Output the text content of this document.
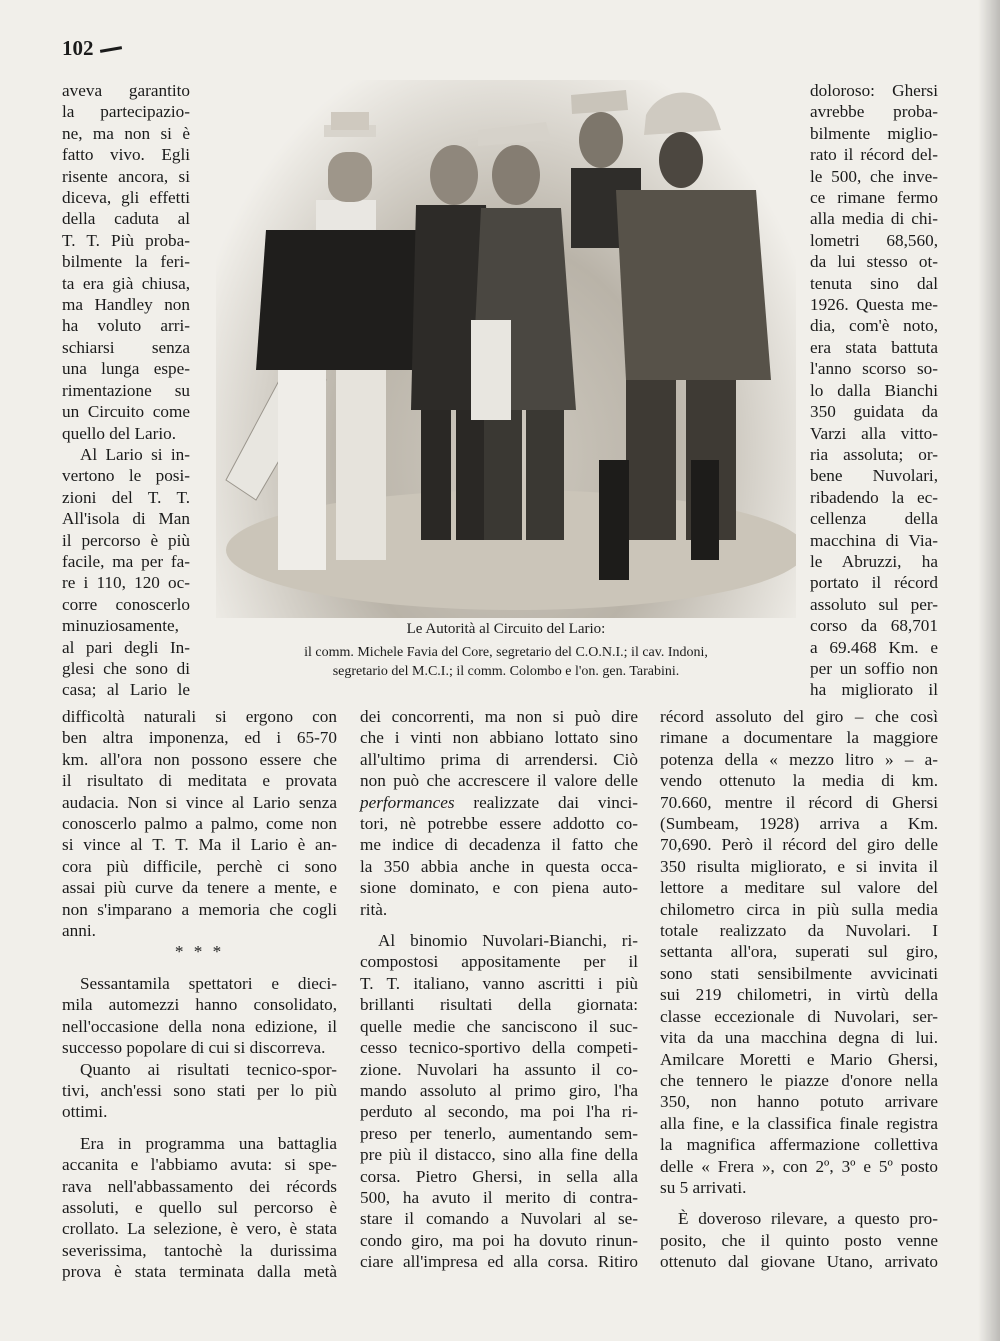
102

aveva garantito

la partecipazio-

ne, ma non si è

fatto vivo. Egli

risente ancora, si

diceva, gli effetti

della caduta al

T. T. Più proba-

bilmente la feri-

ta era già chiusa,

ma Handley non

ha voluto arri-

schiarsi senza

una lunga espe-

rimentazione su

un Circuito come

quello del Lario.

Al Lario si in-

vertono le posi-

zioni del T. T.

All'isola di Man

il percorso è più

facile, ma per fa-

re i 110, 120 oc-

corre conoscerlo

minuziosamente,

al pari degli In-

glesi che sono di

casa; al Lario le

doloroso: Ghersi

avrebbe proba-

bilmente miglio-

rato il récord del-

le 500, che inve-

ce rimane fermo

alla media di chi-

lometri 68,560,

da lui stesso ot-

tenuta sino dal

1926. Questa me-

dia, com'è noto,

era stata battuta

l'anno scorso so-

lo dalla Bianchi

350 guidata da

Varzi alla vitto-

ria assoluta; or-

bene Nuvolari,

ribadendo la ec-

cellenza della

macchina di Via-

le Abruzzi, ha

portato il récord

assoluto sul per-

corso da 68,701

a 69.468 Km. e

per un soffio non

ha migliorato il

Le Autorità al Circuito del Lario:
il comm. Michele Favia del Core, segretario del C.O.N.I.; il cav. Indoni,
segretario del M.C.I.; il comm. Colombo e l'on. gen. Tarabini.

difficoltà naturali si ergono con

ben altra imponenza, ed i 65-70

km. all'ora non possono essere che

il risultato di meditata e provata

audacia. Non si vince al Lario senza

conoscerlo palmo a palmo, come non

si vince al T. T. Ma il Lario è an-

cora più difficile, perchè ci sono

assai più curve da tenere a mente, e

non s'imparano a memoria che cogli

anni.

* * *

Sessantamila spettatori e dieci-

mila automezzi hanno consolidato,

nell'occasione della nona edizione, il

successo popolare di cui si discorreva.

Quanto ai risultati tecnico-spor-

tivi, anch'essi sono stati per lo più

ottimi.

Era in programma una battaglia

accanita e l'abbiamo avuta: si spe-

rava nell'abbassamento dei récords

assoluti, e quello sul percorso è

crollato. La selezione, è vero, è stata

severissima, tantochè la durissima

prova è stata terminata dalla metà

dei concorrenti, ma non si può dire

che i vinti non abbiano lottato sino

all'ultimo prima di arrendersi. Ciò

non può che accrescere il valore delle

performances realizzate dai vinci-

tori, nè potrebbe essere addotto co-

me indice di decadenza il fatto che

la 350 abbia anche in questa occa-

sione dominato, e con piena auto-

rità.

Al binomio Nuvolari-Bianchi, ri-

compostosi appositamente per il

T. T. italiano, vanno ascritti i più

brillanti risultati della giornata:

quelle medie che sanciscono il suc-

cesso tecnico-sportivo della competi-

zione. Nuvolari ha assunto il co-

mando assoluto al primo giro, l'ha

perduto al secondo, ma poi l'ha ri-

preso per tenerlo, aumentando sem-

pre più il distacco, sino alla fine della

corsa. Pietro Ghersi, in sella alla

500, ha avuto il merito di contra-

stare il comando a Nuvolari al se-

condo giro, ma poi ha dovuto rinun-

ciare all'impresa ed alla corsa. Ritiro

récord assoluto del giro – che così

rimane a documentare la maggiore

potenza della « mezzo litro » – a-

vendo ottenuto la media di km.

70.660, mentre il récord di Ghersi

(Sumbeam, 1928) arriva a Km.

70,690. Però il récord del giro delle

350 risulta migliorato, e si invita il

lettore a meditare sul valore del

chilometro circa in più sulla media

totale realizzato da Nuvolari. I

settanta all'ora, superati sul giro,

sono stati sensibilmente avvicinati

sui 219 chilometri, in virtù della

classe eccezionale di Nuvolari, ser-

vita da una macchina degna di lui.

Amilcare Moretti e Mario Ghersi,

che tennero le piazze d'onore nella

350, non hanno potuto arrivare

alla fine, e la classifica finale registra

la magnifica affermazione collettiva

delle « Frera », con 2º, 3º e 5º posto

su 5 arrivati.

È doveroso rilevare, a questo pro-

posito, che il quinto posto venne

ottenuto dal giovane Utano, arrivato
